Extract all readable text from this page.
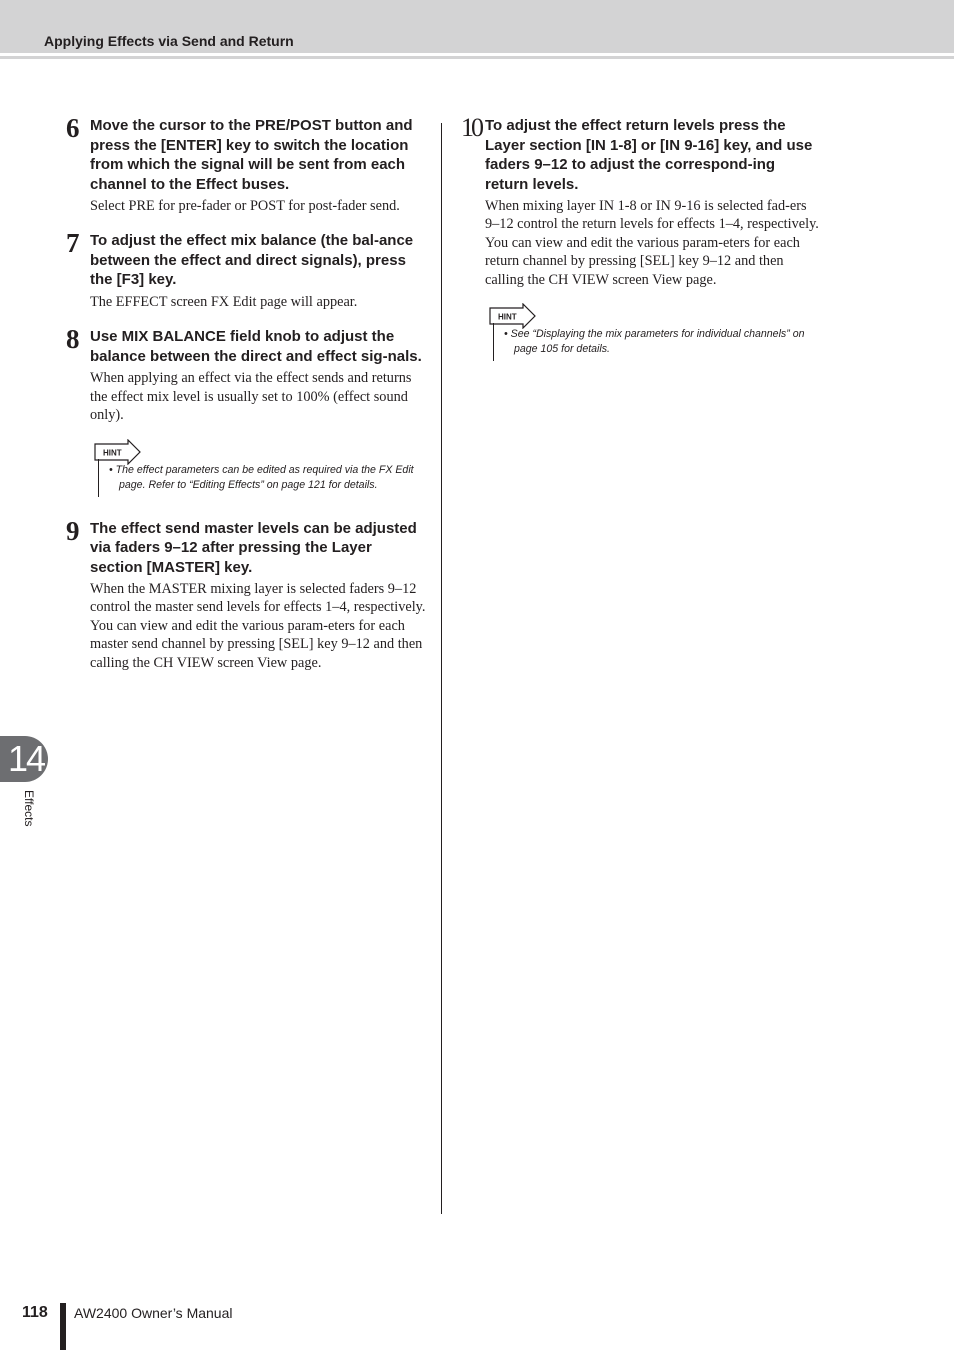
Applying Effects via Send and Return
6 Move the cursor to the PRE/POST button and press the [ENTER] key to switch the location from which the signal will be sent from each channel to the Effect buses.

Select PRE for pre-fader or POST for post-fader send.

7 To adjust the effect mix balance (the bal-ance between the effect and direct signals), press the [F3] key.

The EFFECT screen FX Edit page will appear.

8 Use MIX BALANCE field knob to adjust the balance between the direct and effect sig-nals.

When applying an effect via the effect sends and returns the effect mix level is usually set to 100% (effect sound only).

HINT

• The effect parameters can be edited as required via the FX Edit page. Refer to “Editing Effects” on page 121 for details.

9 The effect send master levels can be adjusted via faders 9–12 after pressing the Layer section [MASTER] key.

When the MASTER mixing layer is selected faders 9–12 control the master send levels for effects 1–4, respectively. You can view and edit the various param-eters for each master send channel by pressing [SEL] key 9–12 and then calling the CH VIEW screen View page.

10 To adjust the effect return levels press the Layer section [IN 1-8] or [IN 9-16] key, and use faders 9–12 to adjust the correspond-ing return levels.

When mixing layer IN 1-8 or IN 9-16 is selected fad-ers 9–12 control the return levels for effects 1–4, respectively. You can view and edit the various param-eters for each return channel by pressing [SEL] key 9–12 and then calling the CH VIEW screen View page.

HINT

• See “Displaying the mix parameters for individual channels” on page 105 for details.

14
Effects
118 AW2400 Owner’s Manual
